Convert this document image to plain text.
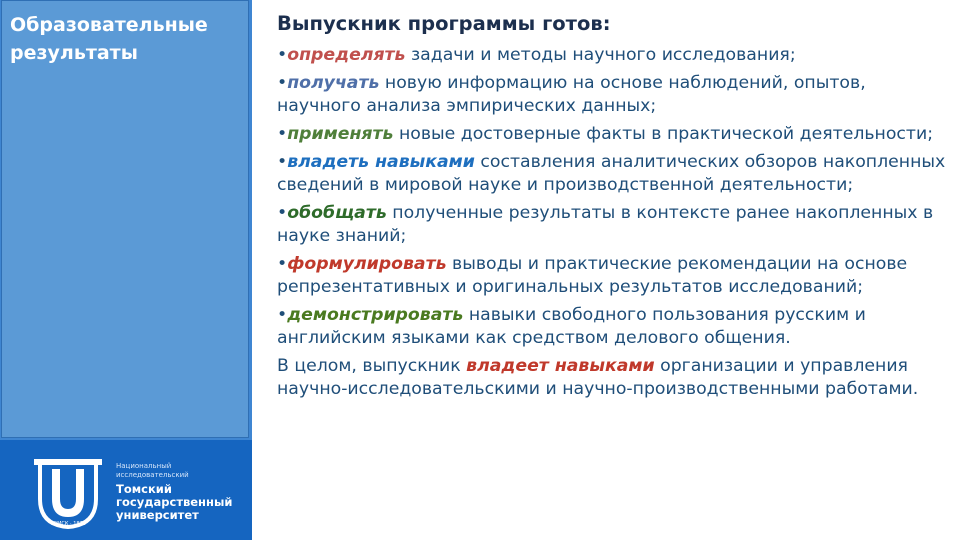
Образовательные
результаты
ТОМСК · 1878
Национальный
исследовательский
Томский
государственный
университет
Выпускник программы готов:
•определять задачи и методы научного исследования;
•получать новую информацию на основе наблюдений, опытов, научного анализа эмпирических данных;
•применять новые достоверные факты в практической деятельности;
•владеть навыками составления аналитических обзоров накопленных сведений в мировой науке и производственной деятельности;
•обобщать полученные результаты в контексте ранее накопленных в науке знаний;
•формулировать выводы и практические рекомендации на основе репрезентативных и оригинальных результатов исследований;
•демонстрировать навыки свободного пользования русским и английским языками как средством делового общения.
В целом, выпускник владеет навыками организации и управления научно-исследовательскими и научно-производственными работами.
